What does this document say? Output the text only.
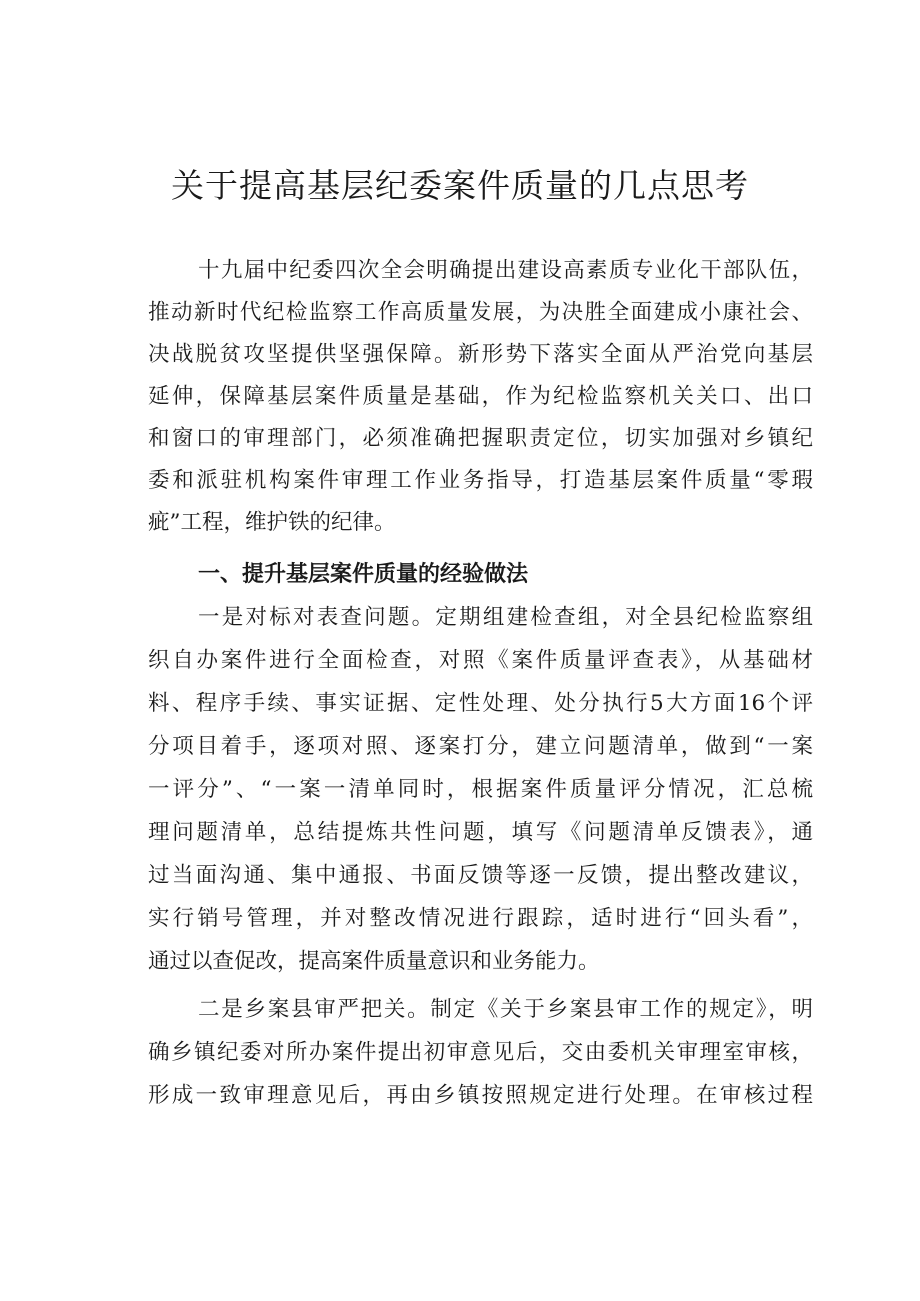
关于提高基层纪委案件质量的几点思考
十九届中纪委四次全会明确提出建设高素质专业化干部队伍，
推动新时代纪检监察工作高质量发展，为决胜全面建成小康社会、
决战脱贫攻坚提供坚强保障。新形势下落实全面从严治党向基层
延伸，保障基层案件质量是基础，作为纪检监察机关关口、出口
和窗口的审理部门，必须准确把握职责定位，切实加强对乡镇纪
委和派驻机构案件审理工作业务指导，打造基层案件质量“零瑕
疵”工程，维护铁的纪律。
一、提升基层案件质量的经验做法
一是对标对表查问题。定期组建检查组，对全县纪检监察组
织自办案件进行全面检查，对照《案件质量评查表》，从基础材
料、程序手续、事实证据、定性处理、处分执行5大方面16个评
分项目着手，逐项对照、逐案打分，建立问题清单，做到“一案
一评分”、“一案一清单同时，根据案件质量评分情况，汇总梳
理问题清单，总结提炼共性问题，填写《问题清单反馈表》，通
过当面沟通、集中通报、书面反馈等逐一反馈，提出整改建议，
实行销号管理，并对整改情况进行跟踪，适时进行“回头看”，
通过以查促改，提高案件质量意识和业务能力。
二是乡案县审严把关。制定《关于乡案县审工作的规定》，明
确乡镇纪委对所办案件提出初审意见后，交由委机关审理室审核，
形成一致审理意见后，再由乡镇按照规定进行处理。在审核过程
